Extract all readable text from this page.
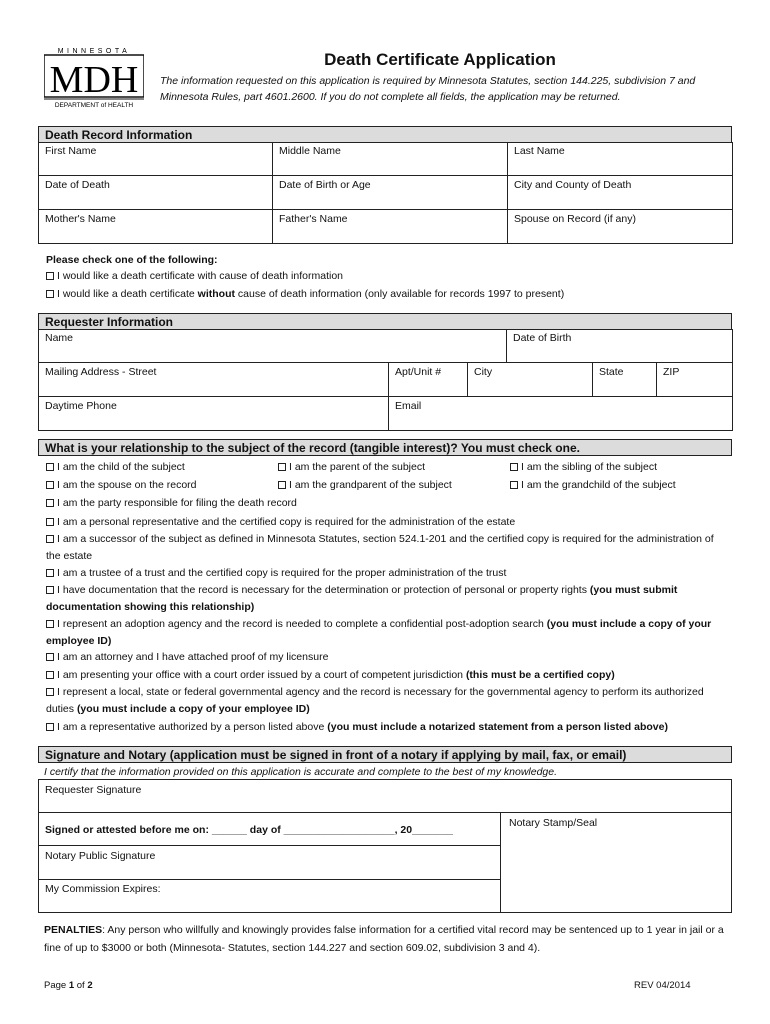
MINNESOTA
MDH
DEPARTMENT of HEALTH
Death Certificate Application
The information requested on this application is required by Minnesota Statutes, section 144.225, subdivision 7 and Minnesota Rules, part 4601.2600. If you do not complete all fields, the application may be returned.
Death Record Information
First Name	Middle Name	Last Name
Date of Death	Date of Birth or Age	City and County of Death
Mother's Name	Father's Name	Spouse on Record (if any)
Please check one of the following:
I would like a death certificate with cause of death information
I would like a death certificate without cause of death information (only available for records 1997 to present)
Requester Information
Name			Date of Birth		
Mailing Address - Street	Apt/Unit #	City		State	ZIP
Daytime Phone	Email				
What is your relationship to the subject of the record (tangible interest)? You must check one.
I am the child of the subject	I am the parent of the subject	I am the sibling of the subject
I am the spouse on the record	I am the grandparent of the subject	I am the grandchild of the subject
I am the party responsible for filing the death record
I am a personal representative and the certified copy is required for the administration of the estate
I am a successor of the subject as defined in Minnesota Statutes, section 524.1-201 and the certified copy is required for the administration of the estate
I am a trustee of a trust and the certified copy is required for the proper administration of the trust
I have documentation that the record is necessary for the determination or protection of personal or property rights (you must submit documentation showing this relationship)
I represent an adoption agency and the record is needed to complete a confidential post-adoption search (you must include a copy of your employee ID)
I am an attorney and I have attached proof of my licensure
I am presenting your office with a court order issued by a court of competent jurisdiction (this must be a certified copy)
I represent a local, state or federal governmental agency and the record is necessary for the governmental agency to perform its authorized duties (you must include a copy of your employee ID)
I am a representative authorized by a person listed above (you must include a notarized statement from a person listed above)
Signature and Notary (application must be signed in front of a notary if applying by mail, fax, or email)
I certify that the information provided on this application is accurate and complete to the best of my knowledge.
Requester Signature
Signed or attested before me on: ______ day of ___________________, 20_______
Notary Stamp/Seal
Notary Public Signature
My Commission Expires:
PENALTIES: Any person who willfully and knowingly provides false information for a certified vital record may be sentenced up to 1 year in jail or a fine of up to $3000 or both (Minnesota- Statutes, section 144.227 and section 609.02, subdivision 3 and 4).
Page 1 of 2	REV 04/2014
